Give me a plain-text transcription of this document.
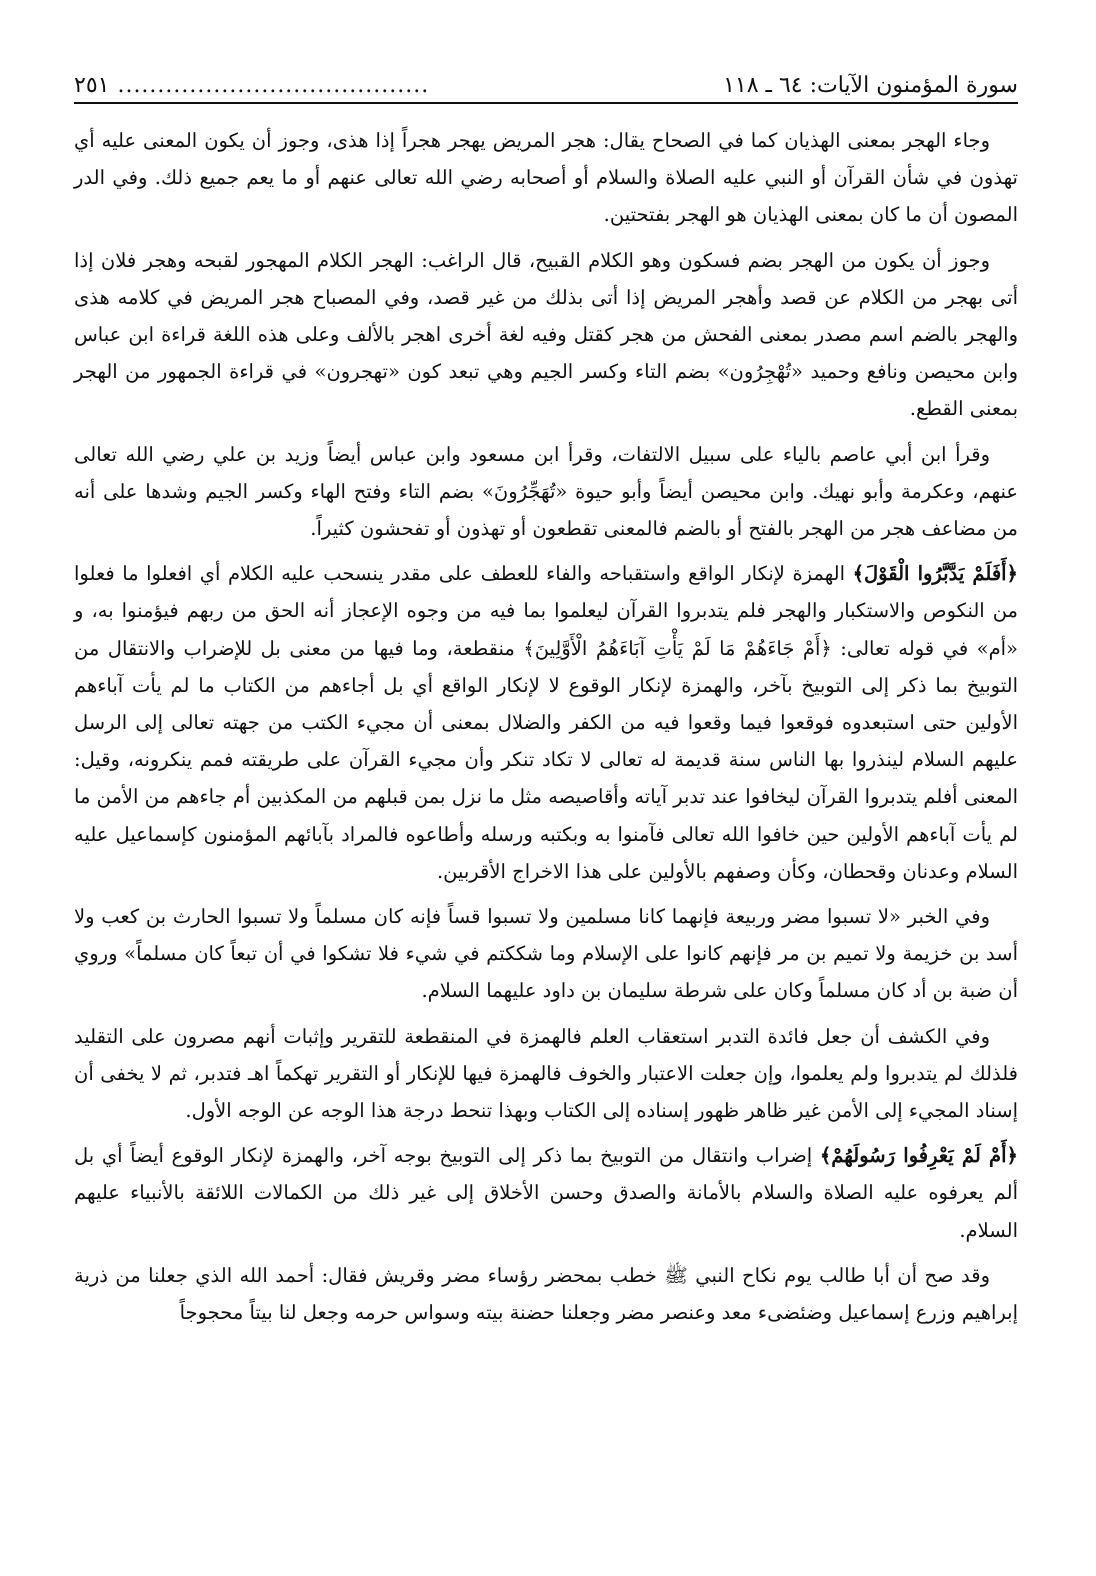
سورة المؤمنون الآيات: ٦٤ ـ ١١٨
.......................................
٢٥١

وجاء الهجر بمعنى الهذيان كما في الصحاح يقال: هجر المريض يهجر هجراً إذا هذى، وجوز أن يكون المعنى عليه أي تهذون في شأن القرآن أو النبي عليه الصلاة والسلام أو أصحابه رضي الله تعالى عنهم أو ما يعم جميع ذلك. وفي الدر المصون أن ما كان بمعنى الهذيان هو الهجر بفتحتين.

وجوز أن يكون من الهجر بضم فسكون وهو الكلام القبيح، قال الراغب: الهجر الكلام المهجور لقبحه وهجر فلان إذا أتى بهجر من الكلام عن قصد وأهجر المريض إذا أتى بذلك من غير قصد، وفي المصباح هجر المريض في كلامه هذى والهجر بالضم اسم مصدر بمعنى الفحش من هجر كقتل وفيه لغة أخرى اهجر بالألف وعلى هذه اللغة قراءة ابن عباس وابن محيصن ونافع وحميد «تُهْجِرُون» بضم التاء وكسر الجيم وهي تبعد كون «تهجرون» في قراءة الجمهور من الهجر بمعنى القطع.

وقرأ ابن أبي عاصم بالياء على سبيل الالتفات، وقرأ ابن مسعود وابن عباس أيضاً وزيد بن علي رضي الله تعالى عنهم، وعكرمة وأبو نهيك. وابن محيصن أيضاً وأبو حيوة «تُهَجِّرُونَ» بضم التاء وفتح الهاء وكسر الجيم وشدها على أنه من مضاعف هجر من الهجر بالفتح أو بالضم فالمعنى تقطعون أو تهذون أو تفحشون كثيراً.

﴿أَفَلَمْ يَدَّبَّرُوا الْقَوْلَ﴾ الهمزة لإنكار الواقع واستقباحه والفاء للعطف على مقدر ينسحب عليه الكلام أي افعلوا ما فعلوا من النكوص والاستكبار والهجر فلم يتدبروا القرآن ليعلموا بما فيه من وجوه الإعجاز أنه الحق من ربهم فيؤمنوا به، و «أم» في قوله تعالى: ﴿أَمْ جَاءَهُمْ مَا لَمْ يَأْتِ آبَاءَهُمُ الْأَوَّلِينَ﴾ منقطعة، وما فيها من معنى بل للإضراب والانتقال من التوبيخ بما ذكر إلى التوبيخ بآخر، والهمزة لإنكار الوقوع لا لإنكار الواقع أي بل أجاءهم من الكتاب ما لم يأت آباءهم الأولين حتى استبعدوه فوقعوا فيما وقعوا فيه من الكفر والضلال بمعنى أن مجيء الكتب من جهته تعالى إلى الرسل عليهم السلام لينذروا بها الناس سنة قديمة له تعالى لا تكاد تنكر وأن مجيء القرآن على طريقته فمم ينكرونه، وقيل: المعنى أفلم يتدبروا القرآن ليخافوا عند تدبر آياته وأقاصيصه مثل ما نزل بمن قبلهم من المكذبين أم جاءهم من الأمن ما لم يأت آباءهم الأولين حين خافوا الله تعالى فآمنوا به وبكتبه ورسله وأطاعوه فالمراد بآبائهم المؤمنون كإسماعيل عليه السلام وعدنان وقحطان، وكأن وصفهم بالأولين على هذا الاخراج الأقربين.

وفي الخبر «لا تسبوا مضر وربيعة فإنهما كانا مسلمين ولا تسبوا قساً فإنه كان مسلماً ولا تسبوا الحارث بن كعب ولا أسد بن خزيمة ولا تميم بن مر فإنهم كانوا على الإسلام وما شككتم في شيء فلا تشكوا في أن تبعاً كان مسلماً» وروي أن ضبة بن أد كان مسلماً وكان على شرطة سليمان بن داود عليهما السلام.

وفي الكشف أن جعل فائدة التدبر استعقاب العلم فالهمزة في المنقطعة للتقرير وإثبات أنهم مصرون على التقليد فلذلك لم يتدبروا ولم يعلموا، وإن جعلت الاعتبار والخوف فالهمزة فيها للإنكار أو التقرير تهكماً اهـ فتدبر، ثم لا يخفى أن إسناد المجيء إلى الأمن غير ظاهر ظهور إسناده إلى الكتاب وبهذا تنحط درجة هذا الوجه عن الوجه الأول.

﴿أَمْ لَمْ يَعْرِفُوا رَسُولَهُمْ﴾ إضراب وانتقال من التوبيخ بما ذكر إلى التوبيخ بوجه آخر، والهمزة لإنكار الوقوع أيضاً أي بل ألم يعرفوه عليه الصلاة والسلام بالأمانة والصدق وحسن الأخلاق إلى غير ذلك من الكمالات اللائقة بالأنبياء عليهم السلام.

وقد صح أن أبا طالب يوم نكاح النبي ﷺ خطب بمحضر رؤساء مضر وقريش فقال: أحمد الله الذي جعلنا من ذرية إبراهيم وزرع إسماعيل وضئضىء معد وعنصر مضر وجعلنا حضنة بيته وسواس حرمه وجعل لنا بيتاً محجوجاً
